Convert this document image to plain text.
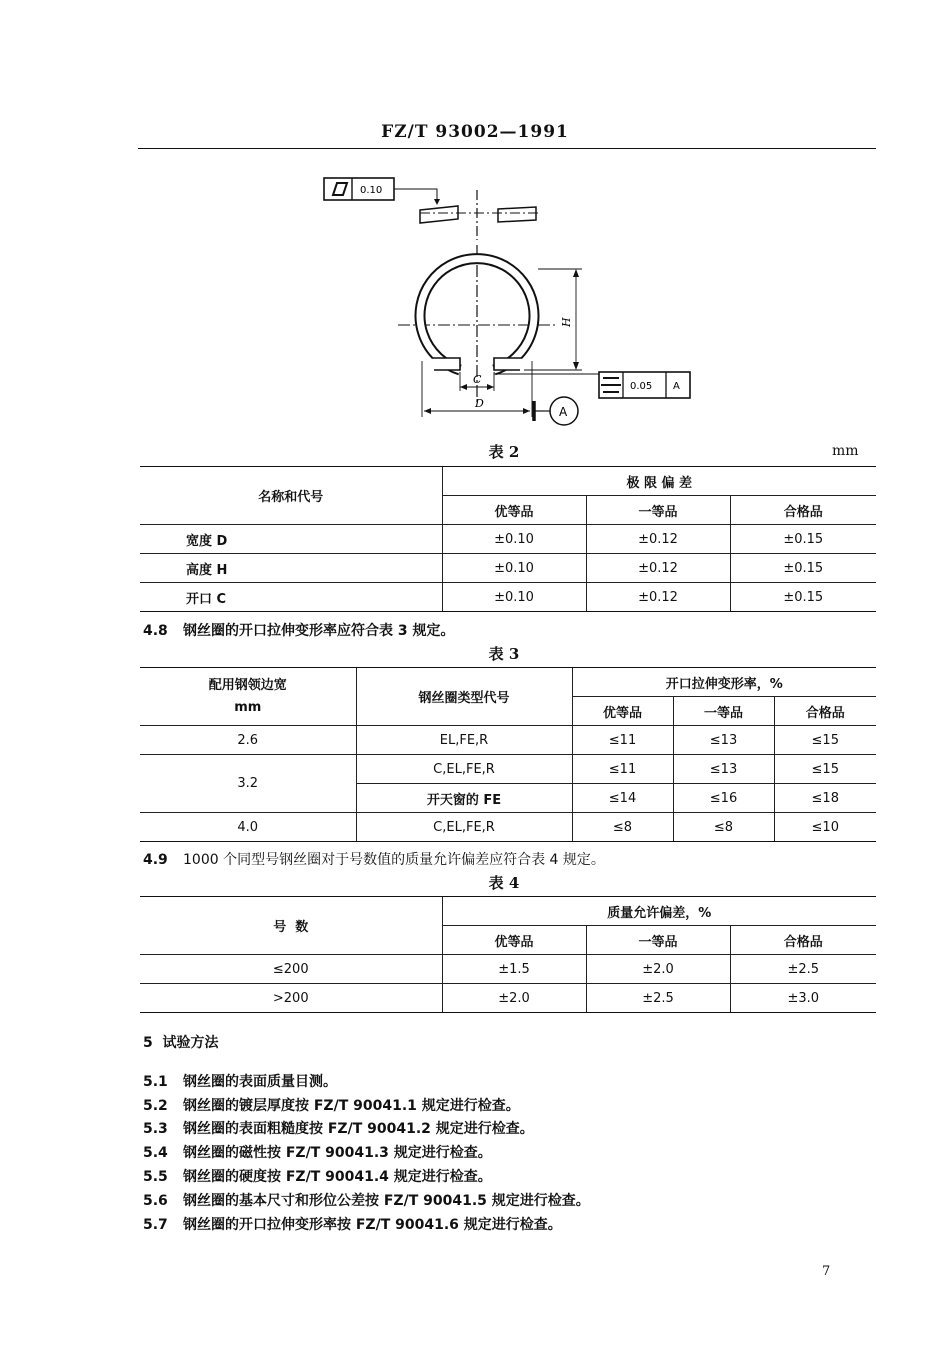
FZ/T 93002—1991
0.10
H
C
0.05 A
D
A
表 2	mm
名称和代号	极 限 偏 差		
	优等品	一等品	合格品
宽度 D	±0.10	±0.12	±0.15
高度 H	±0.10	±0.12	±0.15
开口 C	±0.10	±0.12	±0.15
4.8 钢丝圈的开口拉伸变形率应符合表 3 规定。
表 3
配用钢领边宽
mm	钢丝圈类型代号	开口拉伸变形率，%		
		优等品	一等品	合格品
2.6	EL,FE,R	≤11	≤13	≤15
3.2	C,EL,FE,R	≤11	≤13	≤15
	开天窗的 FE	≤14	≤16	≤18
4.0	C,EL,FE,R	≤8	≤8	≤10
4.9 1000 个同型号钢丝圈对于号数值的质量允许偏差应符合表 4 规定。
表 4
号  数	质量允许偏差，%		
	优等品	一等品	合格品
≤200	±1.5	±2.0	±2.5
>200	±2.0	±2.5	±3.0
5  试验方法
5.1 钢丝圈的表面质量目测。
5.2 钢丝圈的镀层厚度按 FZ/T 90041.1 规定进行检查。
5.3 钢丝圈的表面粗糙度按 FZ/T 90041.2 规定进行检查。
5.4 钢丝圈的磁性按 FZ/T 90041.3 规定进行检查。
5.5 钢丝圈的硬度按 FZ/T 90041.4 规定进行检查。
5.6 钢丝圈的基本尺寸和形位公差按 FZ/T 90041.5 规定进行检查。
5.7 钢丝圈的开口拉伸变形率按 FZ/T 90041.6 规定进行检查。
7
